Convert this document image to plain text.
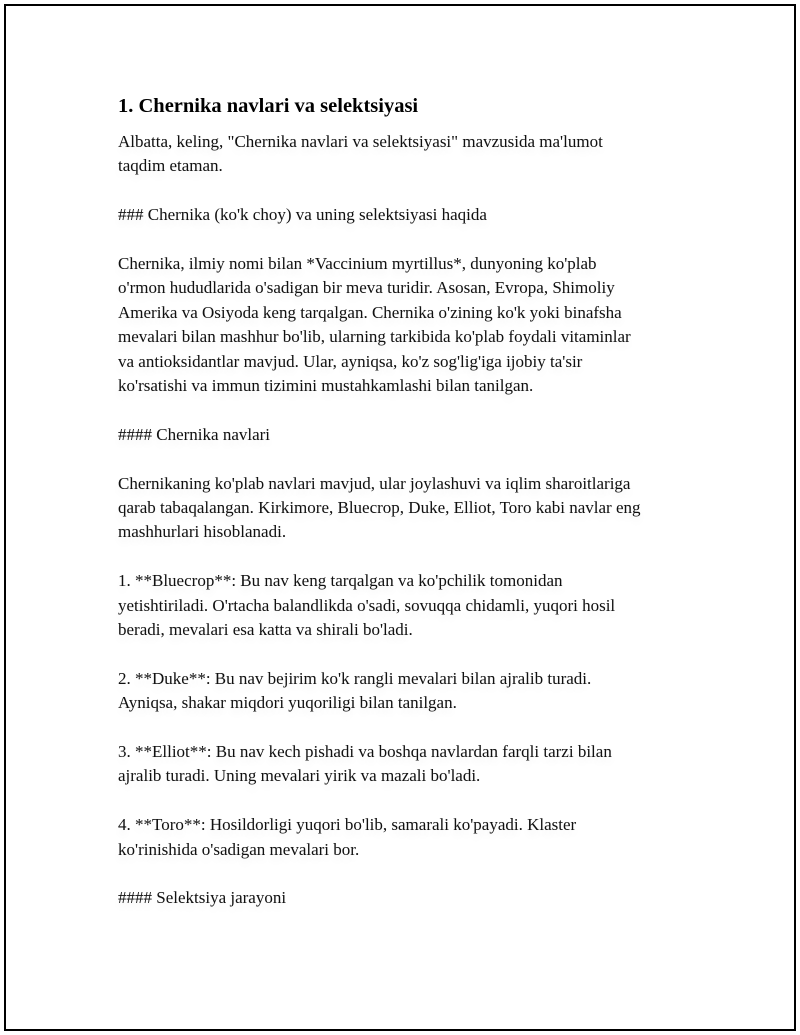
1. Chernika navlari va selektsiyasi

Albatta, keling, "Chernika navlari va selektsiyasi" mavzusida ma'lumot
taqdim etaman.

### Chernika (ko'k choy) va uning selektsiyasi haqida

Chernika, ilmiy nomi bilan *Vaccinium myrtillus*, dunyoning ko'plab
o'rmon hududlarida o'sadigan bir meva turidir. Asosan, Evropa, Shimoliy
Amerika va Osiyoda keng tarqalgan. Chernika o'zining ko'k yoki binafsha
mevalari bilan mashhur bo'lib, ularning tarkibida ko'plab foydali vitaminlar
va antioksidantlar mavjud. Ular, ayniqsa, ko'z sog'lig'iga ijobiy ta'sir
ko'rsatishi va immun tizimini mustahkamlashi bilan tanilgan.

#### Chernika navlari

Chernikaning ko'plab navlari mavjud, ular joylashuvi va iqlim sharoitlariga
qarab tabaqalangan. Kirkimore, Bluecrop, Duke, Elliot, Toro kabi navlar eng
mashhurlari hisoblanadi.

1. **Bluecrop**: Bu nav keng tarqalgan va ko'pchilik tomonidan
yetishtiriladi. O'rtacha balandlikda o'sadi, sovuqqa chidamli, yuqori hosil
beradi, mevalari esa katta va shirali bo'ladi.

2. **Duke**: Bu nav bejirim ko'k rangli mevalari bilan ajralib turadi.
Ayniqsa, shakar miqdori yuqoriligi bilan tanilgan.

3. **Elliot**: Bu nav kech pishadi va boshqa navlardan farqli tarzi bilan
ajralib turadi. Uning mevalari yirik va mazali bo'ladi.

4. **Toro**: Hosildorligi yuqori bo'lib, samarali ko'payadi. Klaster
ko'rinishida o'sadigan mevalari bor.

#### Selektsiya jarayoni
